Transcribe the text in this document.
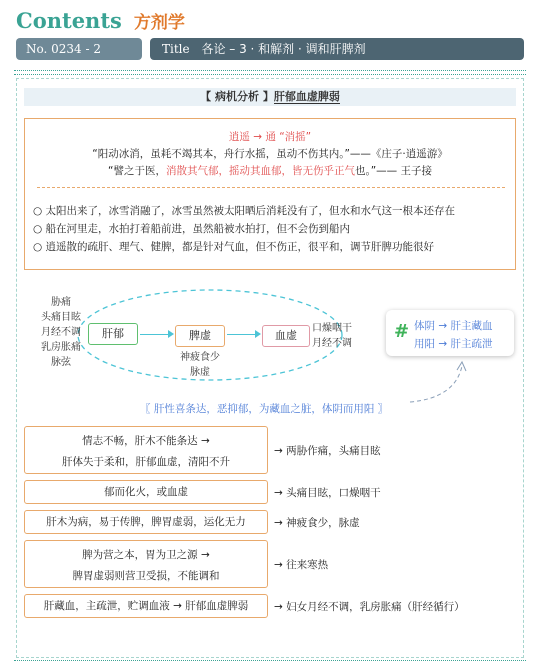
Contents 方剂学
No. 0234 - 2	Title 各论 – 3 · 和解剂 · 调和肝脾剂
【 病机分析 】肝郁血虚脾弱
逍遥 → 通 “消摇”
“阳动冰消，虽耗不竭其本，舟行水摇，虽动不伤其内。”——《庄子·逍遥游》
“譬之于医，消散其气郁，摇动其血郁，皆无伤乎正气也。”—— 王子接
○ 太阳出来了，冰雪消融了，冰雪虽然被太阳晒后消耗没有了，但水和水气这一根本还存在
○ 船在河里走，水拍打着船前进，虽然船被水拍打，但不会伤到船内
○ 逍遥散的疏肝、理气、健脾，都是针对气血，但不伤正，很平和，调节肝脾功能很好
胁痛
头痛目眩
月经不调
乳房胀痛
脉弦
肝郁	脾虚	血虚
神疲食少
脉虚
口燥咽干
月经不调
# 体阴 → 肝主藏血
用阳 → 肝主疏泄
〖 肝性喜条达，恶抑郁，为藏血之脏，体阴而用阳 〗
情志不畅，肝木不能条达 →
肝体失于柔和，肝郁血虚，清阳不升
→ 两胁作痛，头痛目眩
郁而化火，或血虚	→ 头痛目眩，口燥咽干
肝木为病，易于传脾，脾胃虚弱，运化无力	→ 神疲食少，脉虚
脾为营之本，胃为卫之源 →
脾胃虚弱则营卫受损，不能调和
→ 往来寒热
肝藏血，主疏泄，贮调血液 → 肝郁血虚脾弱	→ 妇女月经不调，乳房胀痛（肝经循行）
